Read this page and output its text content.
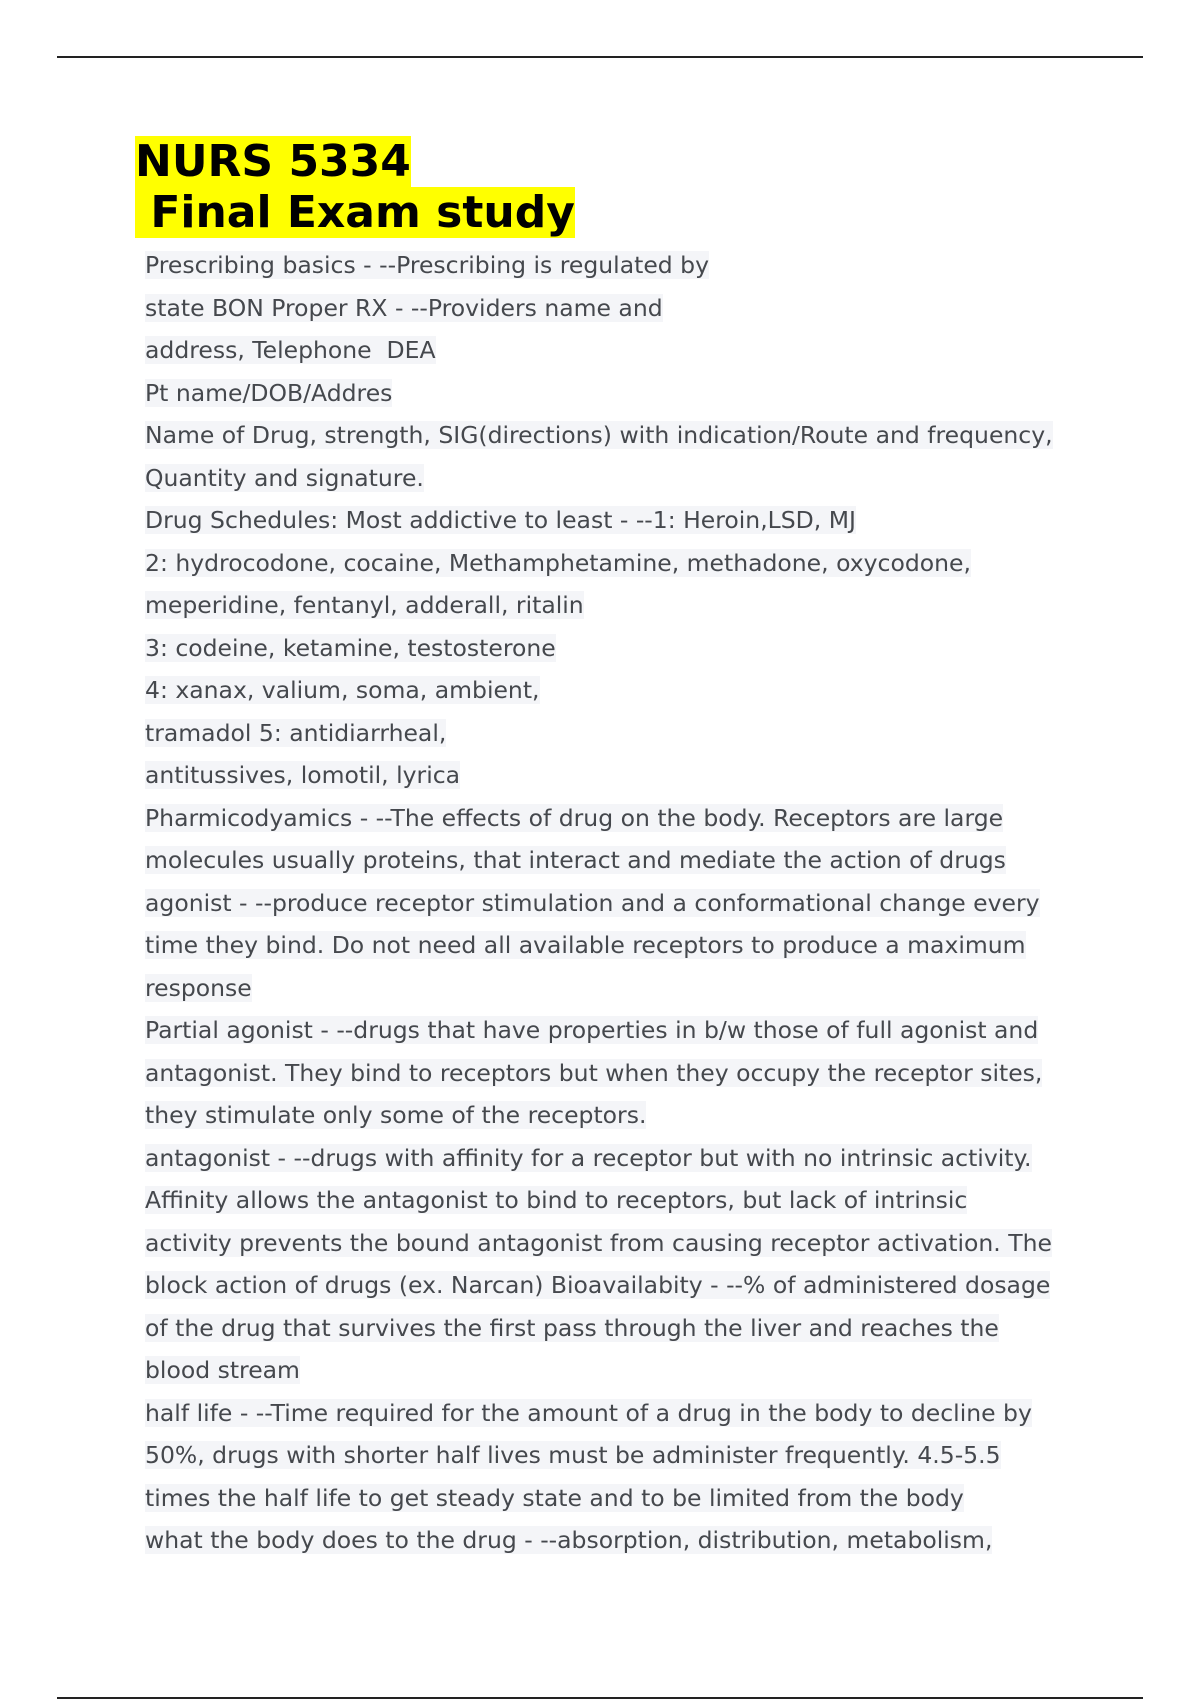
NURS 5334
Final Exam study
Prescribing basics - --Prescribing is regulated by
state BON Proper RX - --Providers name and
address, Telephone  DEA
Pt name/DOB/Addres
Name of Drug, strength, SIG(directions) with indication/Route and frequency,
Quantity and signature.
Drug Schedules: Most addictive to least - --1: Heroin,LSD, MJ
2: hydrocodone, cocaine, Methamphetamine, methadone, oxycodone,
meperidine, fentanyl, adderall, ritalin
3: codeine, ketamine, testosterone
4: xanax, valium, soma, ambient,
tramadol 5: antidiarrheal,
antitussives, lomotil, lyrica
Pharmicodyamics - --The effects of drug on the body. Receptors are large
molecules usually proteins, that interact and mediate the action of drugs
agonist - --produce receptor stimulation and a conformational change every
time they bind. Do not need all available receptors to produce a maximum
response
Partial agonist - --drugs that have properties in b/w those of full agonist and
antagonist. They bind to receptors but when they occupy the receptor sites,
they stimulate only some of the receptors.
antagonist - --drugs with affinity for a receptor but with no intrinsic activity.
Affinity allows the antagonist to bind to receptors, but lack of intrinsic
activity prevents the bound antagonist from causing receptor activation. The
block action of drugs (ex. Narcan) Bioavailabity - --% of administered dosage
of the drug that survives the first pass through the liver and reaches the
blood stream
half life - --Time required for the amount of a drug in the body to decline by
50%, drugs with shorter half lives must be administer frequently. 4.5-5.5
times the half life to get steady state and to be limited from the body
what the body does to the drug - --absorption, distribution, metabolism,
